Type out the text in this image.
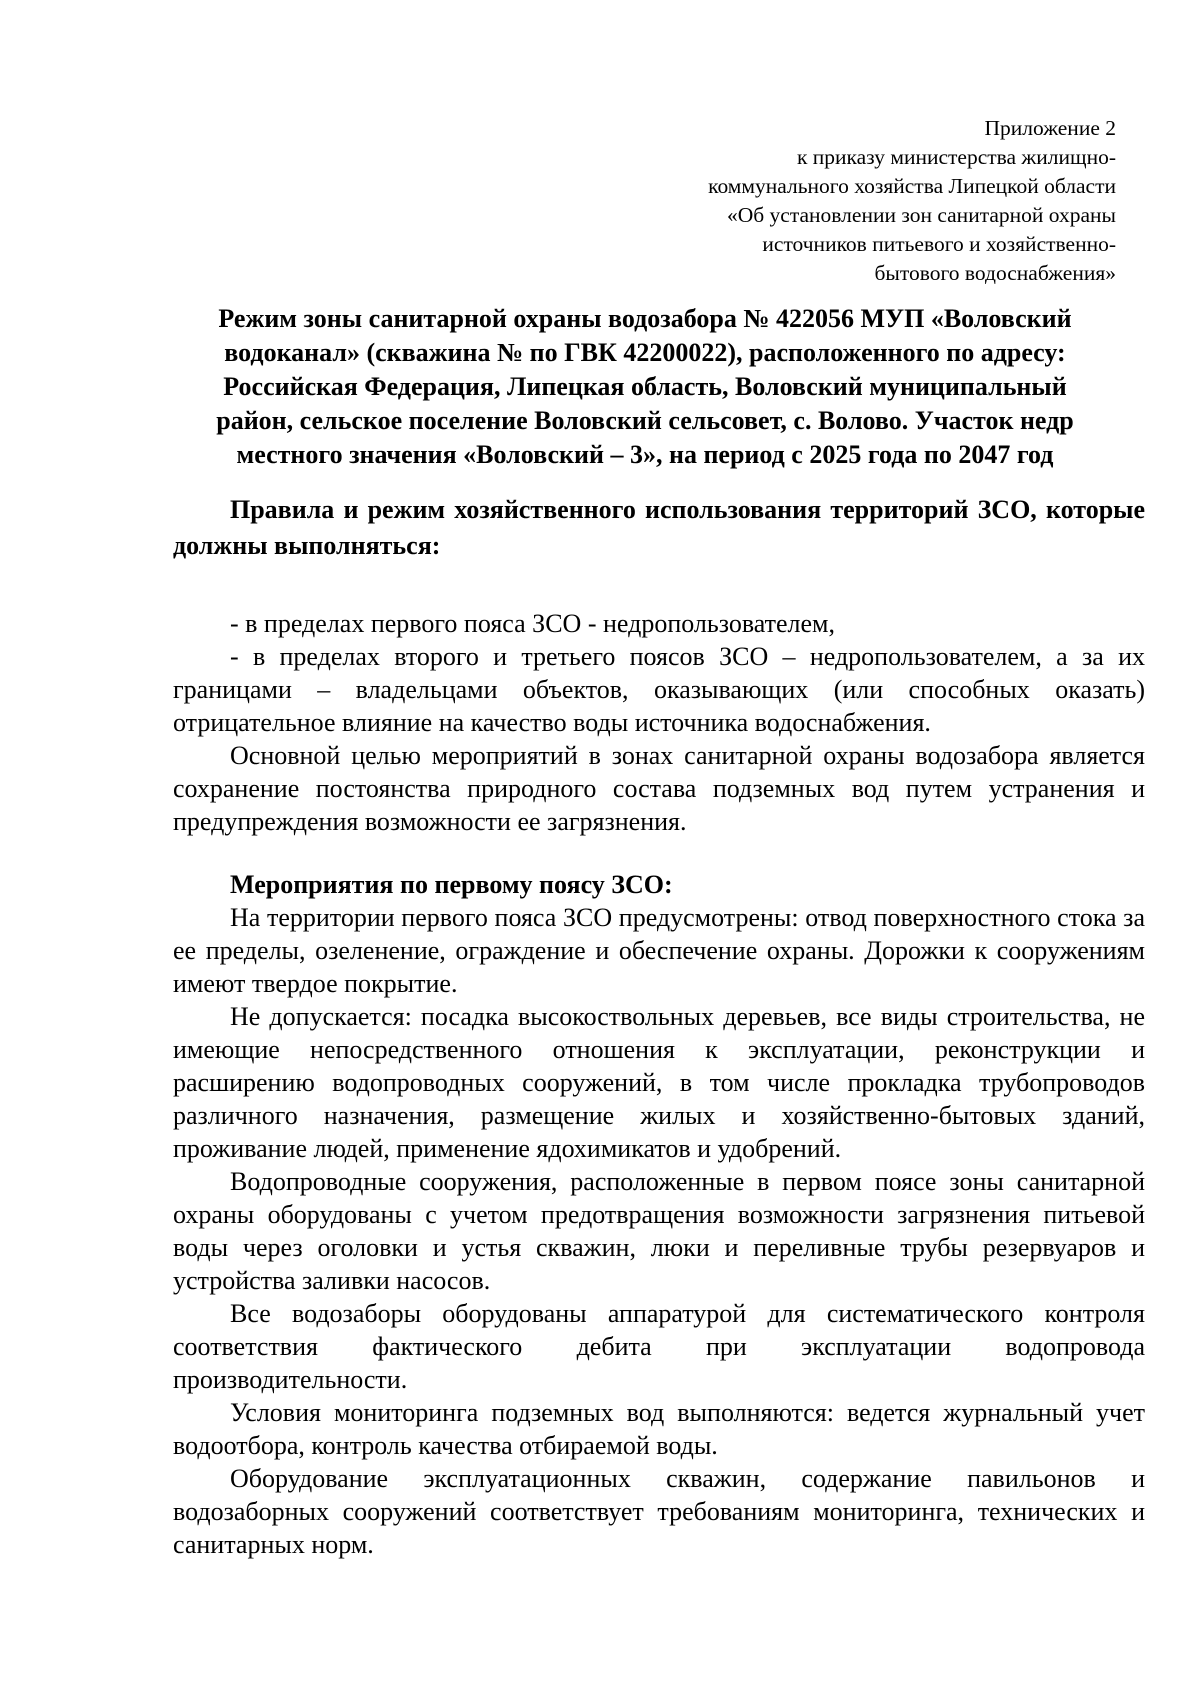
Приложение 2
к приказу министерства жилищно-
коммунального хозяйства Липецкой области
«Об установлении зон санитарной охраны
источников питьевого и хозяйственно-
бытового водоснабжения»
Режим зоны санитарной охраны водозабора № 422056 МУП «Воловский
водоканал» (скважина № по ГВК 42200022), расположенного по адресу:
Российская Федерация, Липецкая область, Воловский муниципальный
район, сельское поселение Воловский сельсовет, с. Волово. Участок недр
местного значения «Воловский – 3», на период с 2025 года по 2047 год

Правила и режим хозяйственного использования территорий ЗСО, которые должны выполняться:

- в пределах первого пояса ЗСО - недропользователем,

- в пределах второго и третьего поясов ЗСО – недропользователем, а за их границами – владельцами объектов, оказывающих (или способных оказать) отрицательное влияние на качество воды источника водоснабжения.

Основной целью мероприятий в зонах санитарной охраны водозабора является сохранение постоянства природного состава подземных вод путем устранения и предупреждения возможности ее загрязнения.

Мероприятия по первому поясу ЗСО:

На территории первого пояса ЗСО предусмотрены: отвод поверхностного стока за ее пределы, озеленение, ограждение и обеспечение охраны. Дорожки к сооружениям имеют твердое покрытие.

Не допускается: посадка высокоствольных деревьев, все виды строительства, не имеющие непосредственного отношения к эксплуатации, реконструкции и расширению водопроводных сооружений, в том числе прокладка трубопроводов различного назначения, размещение жилых и хозяйственно-бытовых зданий, проживание людей, применение ядохимикатов и удобрений.

Водопроводные сооружения, расположенные в первом поясе зоны санитарной охраны оборудованы с учетом предотвращения возможности загрязнения питьевой воды через оголовки и устья скважин, люки и переливные трубы резервуаров и устройства заливки насосов.

Все водозаборы оборудованы аппаратурой для систематического контроля соответствия фактического дебита при эксплуатации водопровода производительности.

Условия мониторинга подземных вод выполняются: ведется журнальный учет водоотбора, контроль качества отбираемой воды.

Оборудование эксплуатационных скважин, содержание павильонов и водозаборных сооружений соответствует требованиям мониторинга, технических и санитарных норм.
